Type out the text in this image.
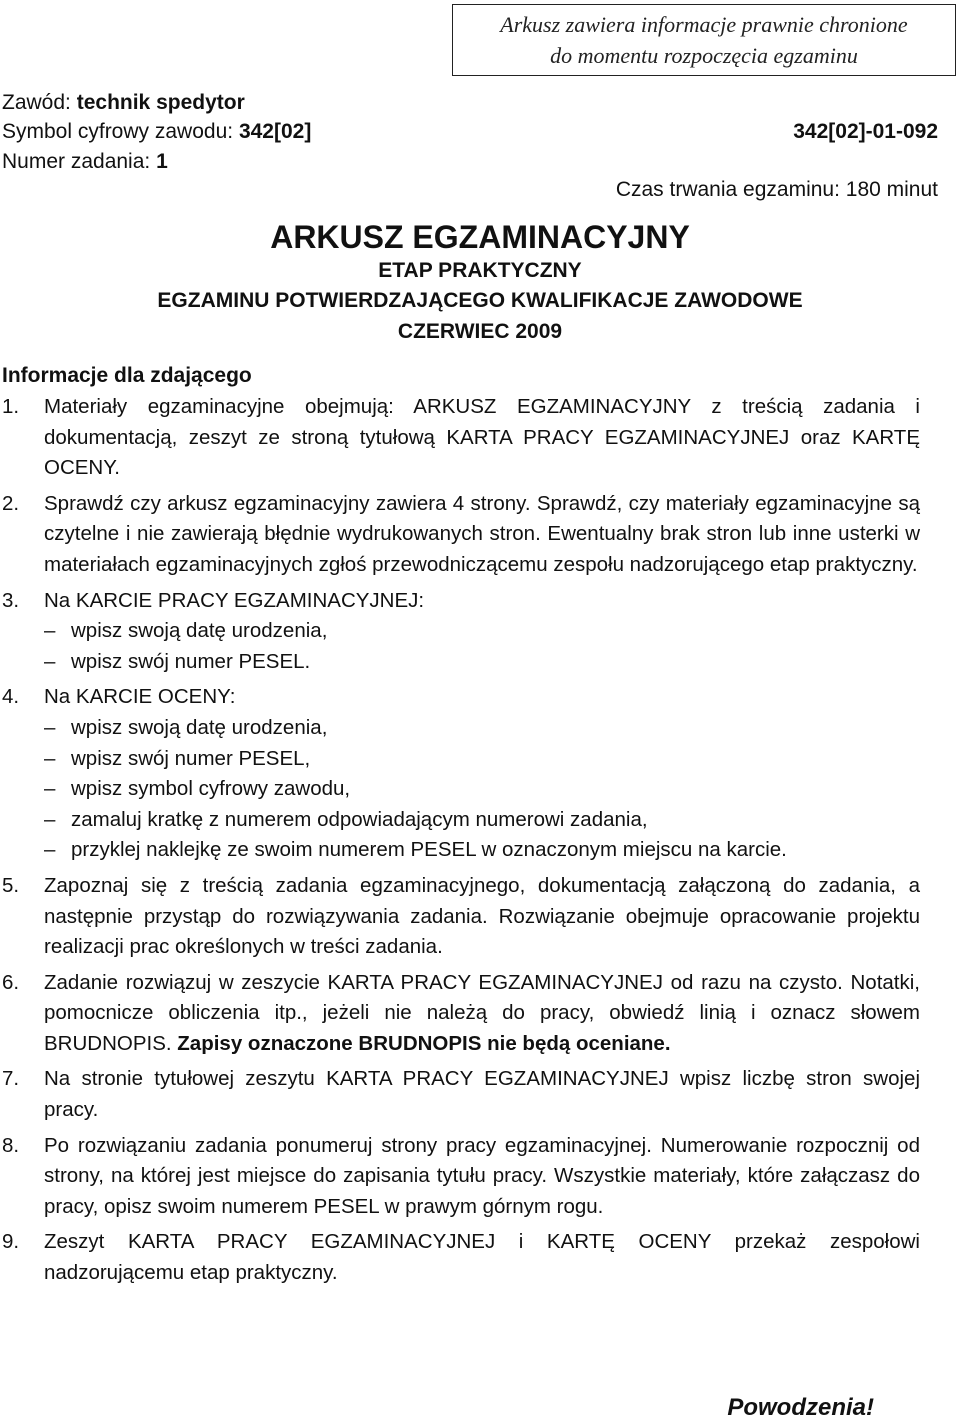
Arkusz zawiera informacje prawnie chronione
do momentu rozpoczęcia egzaminu
Zawód: technik spedytor
Symbol cyfrowy zawodu: 342[02]	342[02]-01-092
Numer zadania: 1
Czas trwania egzaminu: 180 minut
ARKUSZ EGZAMINACYJNY
ETAP PRAKTYCZNY
EGZAMINU POTWIERDZAJĄCEGO KWALIFIKACJE ZAWODOWE
CZERWIEC 2009
Informacje dla zdającego
1. Materiały egzaminacyjne obejmują: ARKUSZ EGZAMINACYJNY z treścią zadania i dokumentacją, zeszyt ze stroną tytułową KARTA PRACY EGZAMINACYJNEJ oraz KARTĘ OCENY.
2. Sprawdź czy arkusz egzaminacyjny zawiera 4 strony. Sprawdź, czy materiały egzaminacyjne są czytelne i nie zawierają błędnie wydrukowanych stron. Ewentualny brak stron lub inne usterki w materiałach egzaminacyjnych zgłoś przewodniczącemu zespołu nadzorującego etap praktyczny.
3. Na KARCIE PRACY EGZAMINACYJNEJ:
– wpisz swoją datę urodzenia,
– wpisz swój numer PESEL.
4. Na KARCIE OCENY:
– wpisz swoją datę urodzenia,
– wpisz swój numer PESEL,
– wpisz symbol cyfrowy zawodu,
– zamaluj kratkę z numerem odpowiadającym numerowi zadania,
– przyklej naklejkę ze swoim numerem PESEL w oznaczonym miejscu na karcie.
5. Zapoznaj się z treścią zadania egzaminacyjnego, dokumentacją załączoną do zadania, a następnie przystąp do rozwiązywania zadania. Rozwiązanie obejmuje opracowanie projektu realizacji prac określonych w treści zadania.
6. Zadanie rozwiązuj w zeszycie KARTA PRACY EGZAMINACYJNEJ od razu na czysto. Notatki, pomocnicze obliczenia itp., jeżeli nie należą do pracy, obwiedź linią i oznacz słowem BRUDNOPIS. Zapisy oznaczone BRUDNOPIS nie będą oceniane.
7. Na stronie tytułowej zeszytu KARTA PRACY EGZAMINACYJNEJ wpisz liczbę stron swojej pracy.
8. Po rozwiązaniu zadania ponumeruj strony pracy egzaminacyjnej. Numerowanie rozpocznij od strony, na której jest miejsce do zapisania tytułu pracy. Wszystkie materiały, które załączasz do pracy, opisz swoim numerem PESEL w prawym górnym rogu.
9. Zeszyt KARTA PRACY EGZAMINACYJNEJ i KARTĘ OCENY przekaż zespołowi nadzorującemu etap praktyczny.
Powodzenia!
